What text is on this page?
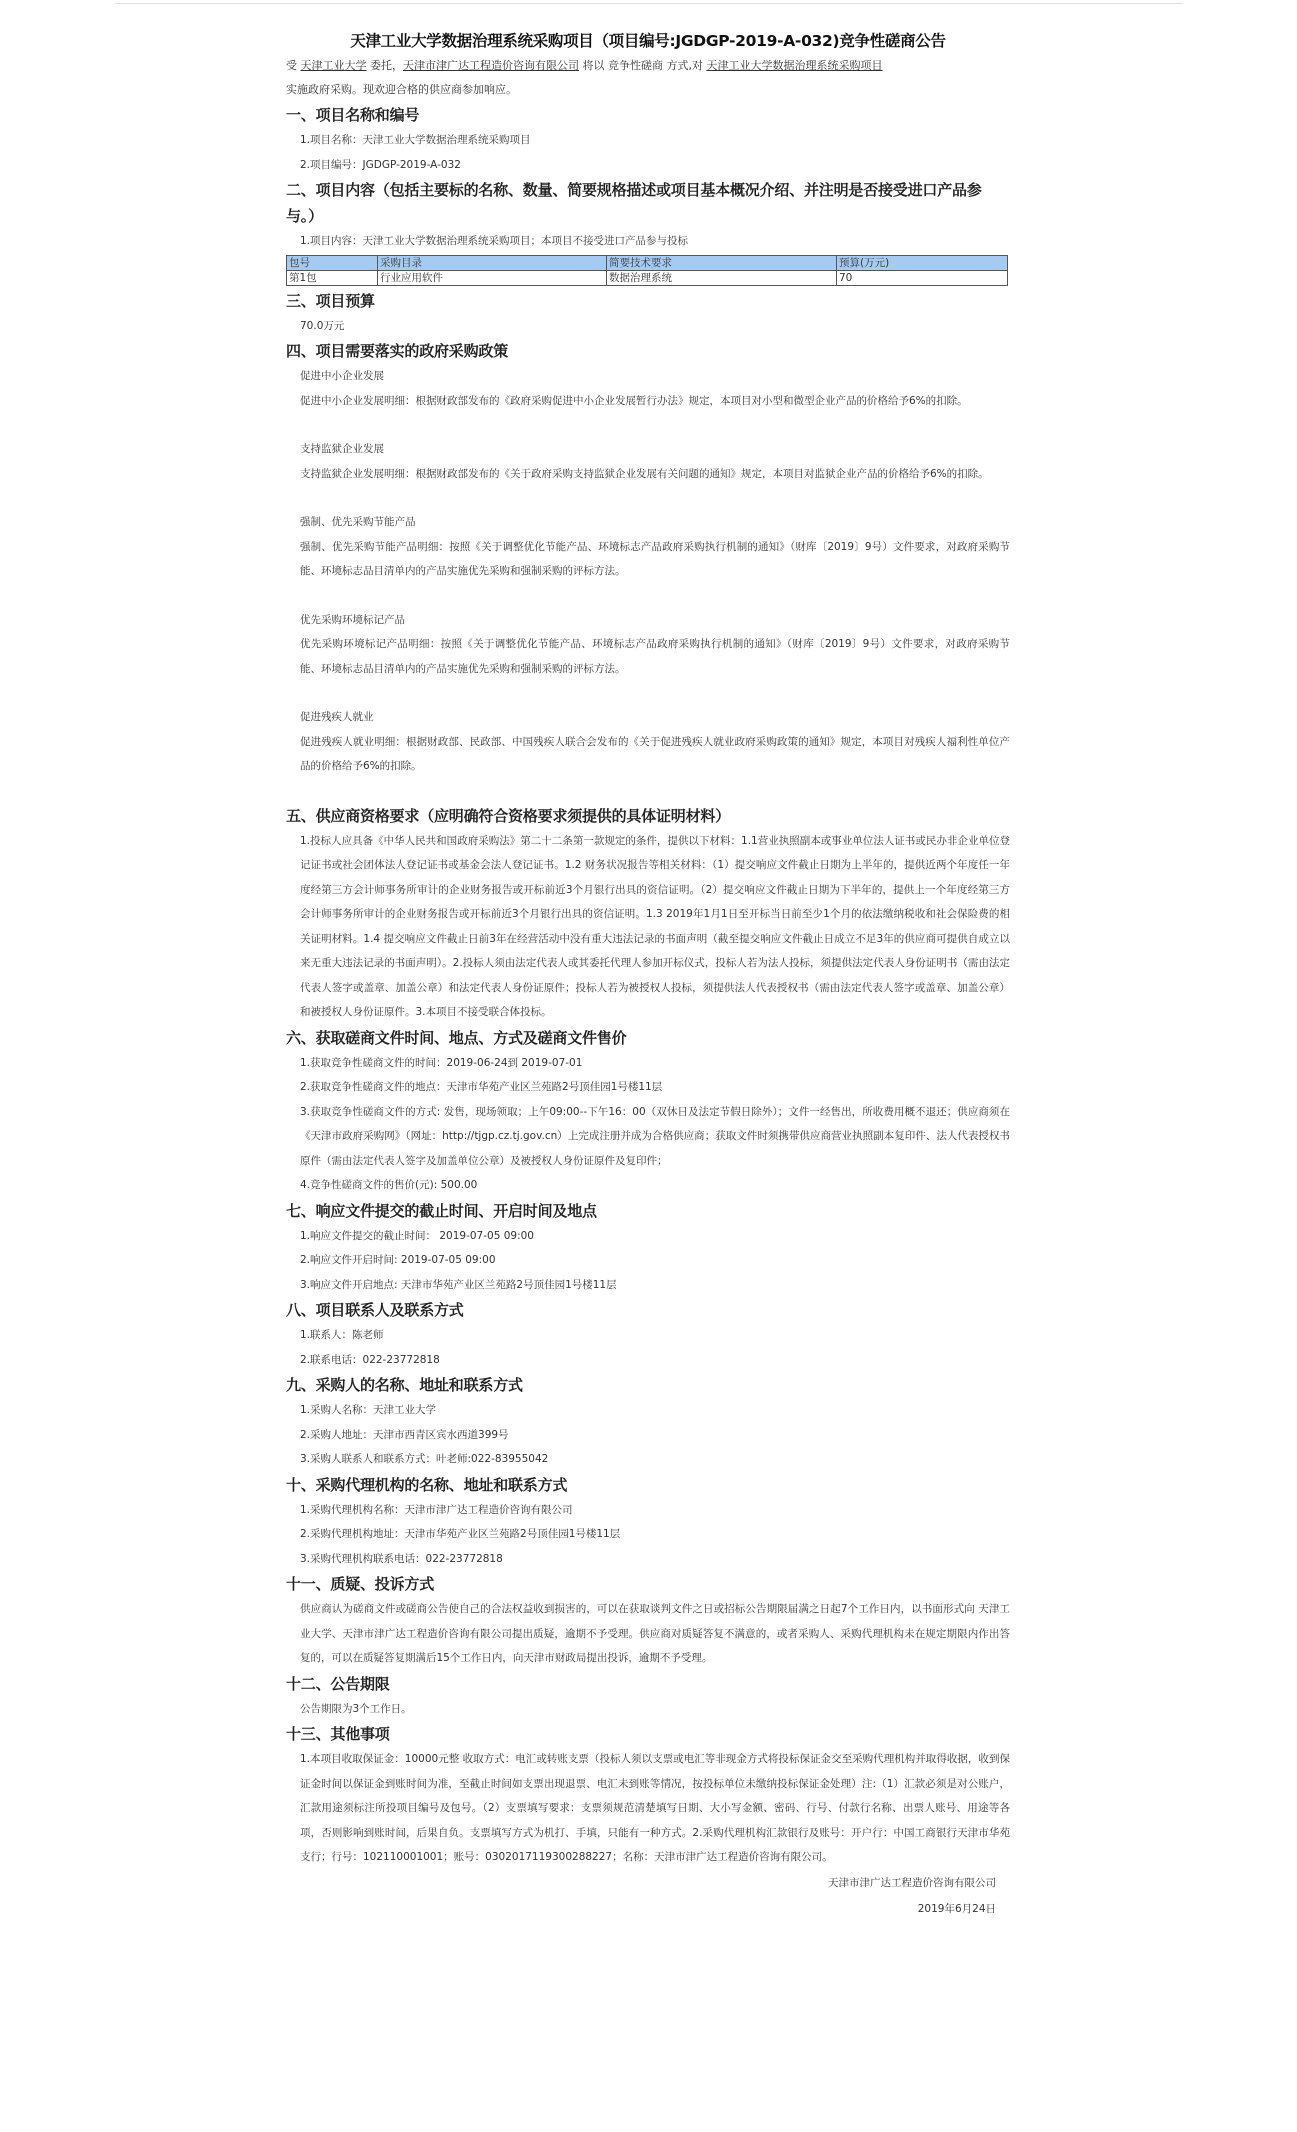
天津工业大学数据治理系统采购项目（项目编号:JGDGP-2019-A-032)竞争性磋商公告

受 天津工业大学 委托，天津市津广达工程造价咨询有限公司 将以 竞争性磋商 方式,对 天津工业大学数据治理系统采购项目
实施政府采购。现欢迎合格的供应商参加响应。

一、项目名称和编号

1.项目名称：天津工业大学数据治理系统采购项目

2.项目编号：JGDGP-2019-A-032

二、项目内容（包括主要标的名称、数量、简要规格描述或项目基本概况介绍、并注明是否接受进口产品参与。）

1.项目内容：天津工业大学数据治理系统采购项目；本项目不接受进口产品参与投标

包号	采购目录	简要技术要求	预算(万元)
第1包	行业应用软件	数据治理系统	70
三、项目预算

70.0万元

四、项目需要落实的政府采购政策

促进中小企业发展

促进中小企业发展明细：根据财政部发布的《政府采购促进中小企业发展暂行办法》规定，本项目对小型和微型企业产品的价格给予6%的扣除。

支持监狱企业发展

支持监狱企业发展明细：根据财政部发布的《关于政府采购支持监狱企业发展有关问题的通知》规定，本项目对监狱企业产品的价格给予6%的扣除。

强制、优先采购节能产品

强制、优先采购节能产品明细：按照《关于调整优化节能产品、环境标志产品政府采购执行机制的通知》（财库〔2019〕9号）文件要求，对政府采购节能、环境标志品目清单内的产品实施优先采购和强制采购的评标方法。

优先采购环境标记产品

优先采购环境标记产品明细：按照《关于调整优化节能产品、环境标志产品政府采购执行机制的通知》（财库〔2019〕9号）文件要求，对政府采购节能、环境标志品目清单内的产品实施优先采购和强制采购的评标方法。

促进残疾人就业

促进残疾人就业明细：根据财政部、民政部、中国残疾人联合会发布的《关于促进残疾人就业政府采购政策的通知》规定，本项目对残疾人福利性单位产品的价格给予6%的扣除。

五、供应商资格要求（应明确符合资格要求须提供的具体证明材料）

1.投标人应具备《中华人民共和国政府采购法》第二十二条第一款规定的条件，提供以下材料：1.1营业执照副本或事业单位法人证书或民办非企业单位登记证书或社会团体法人登记证书或基金会法人登记证书。1.2 财务状况报告等相关材料：（1）提交响应文件截止日期为上半年的，提供近两个年度任一年度经第三方会计师事务所审计的企业财务报告或开标前近3个月银行出具的资信证明。（2）提交响应文件截止日期为下半年的，提供上一个年度经第三方会计师事务所审计的企业财务报告或开标前近3个月银行出具的资信证明。1.3 2019年1月1日至开标当日前至少1个月的依法缴纳税收和社会保险费的相关证明材料。1.4 提交响应文件截止日前3年在经营活动中没有重大违法记录的书面声明（截至提交响应文件截止日成立不足3年的供应商可提供自成立以来无重大违法记录的书面声明）。2.投标人须由法定代表人或其委托代理人参加开标仪式，投标人若为法人投标，须提供法定代表人身份证明书（需由法定代表人签字或盖章、加盖公章）和法定代表人身份证原件；投标人若为被授权人投标，须提供法人代表授权书（需由法定代表人签字或盖章、加盖公章）和被授权人身份证原件。3.本项目不接受联合体投标。

六、获取磋商文件时间、地点、方式及磋商文件售价

1.获取竞争性磋商文件的时间：2019-06-24到 2019-07-01

2.获取竞争性磋商文件的地点：天津市华苑产业区兰苑路2号顶佳园1号楼11层

3.获取竞争性磋商文件的方式: 发售，现场领取；上午09:00--下午16：00（双休日及法定节假日除外）；文件一经售出，所收费用概不退还；供应商须在《天津市政府采购网》（网址：http://tjgp.cz.tj.gov.cn）上完成注册并成为合格供应商；获取文件时须携带供应商营业执照副本复印件、法人代表授权书原件（需由法定代表人签字及加盖单位公章）及被授权人身份证原件及复印件；

4.竞争性磋商文件的售价(元): 500.00

七、响应文件提交的截止时间、开启时间及地点

1.响应文件提交的截止时间： 2019-07-05 09:00

2.响应文件开启时间: 2019-07-05 09:00

3.响应文件开启地点: 天津市华苑产业区兰苑路2号顶佳园1号楼11层

八、项目联系人及联系方式

1.联系人：陈老师

2.联系电话：022-23772818

九、采购人的名称、地址和联系方式

1.采购人名称：天津工业大学

2.采购人地址：天津市西青区宾水西道399号

3.采购人联系人和联系方式：叶老师:022-83955042

十、采购代理机构的名称、地址和联系方式

1.采购代理机构名称：天津市津广达工程造价咨询有限公司

2.采购代理机构地址：天津市华苑产业区兰苑路2号顶佳园1号楼11层

3.采购代理机构联系电话：022-23772818

十一、质疑、投诉方式

供应商认为磋商文件或磋商公告使自己的合法权益收到损害的，可以在获取谈判文件之日或招标公告期限届满之日起7个工作日内，以书面形式向 天津工业大学、天津市津广达工程造价咨询有限公司提出质疑，逾期不予受理。供应商对质疑答复不满意的，或者采购人、采购代理机构未在规定期限内作出答复的，可以在质疑答复期满后15个工作日内，向天津市财政局提出投诉，逾期不予受理。

十二、公告期限

公告期限为3个工作日。

十三、其他事项

1.本项目收取保证金：10000元整 收取方式：电汇或转账支票（投标人须以支票或电汇等非现金方式将投标保证金交至采购代理机构并取得收据，收到保证金时间以保证金到账时间为准，至截止时间如支票出现退票、电汇未到账等情况，按投标单位未缴纳投标保证金处理）注:（1）汇款必须是对公账户，汇款用途须标注所投项目编号及包号。（2）支票填写要求：支票须规范清楚填写日期、大小写金额、密码、行号、付款行名称、出票人账号、用途等各项，否则影响到账时间，后果自负。支票填写方式为机打、手填，只能有一种方式。2.采购代理机构汇款银行及账号：开户行：中国工商银行天津市华苑支行；行号：102110001001；账号：0302017119300288227；名称：天津市津广达工程造价咨询有限公司。

天津市津广达工程造价咨询有限公司
2019年6月24日
